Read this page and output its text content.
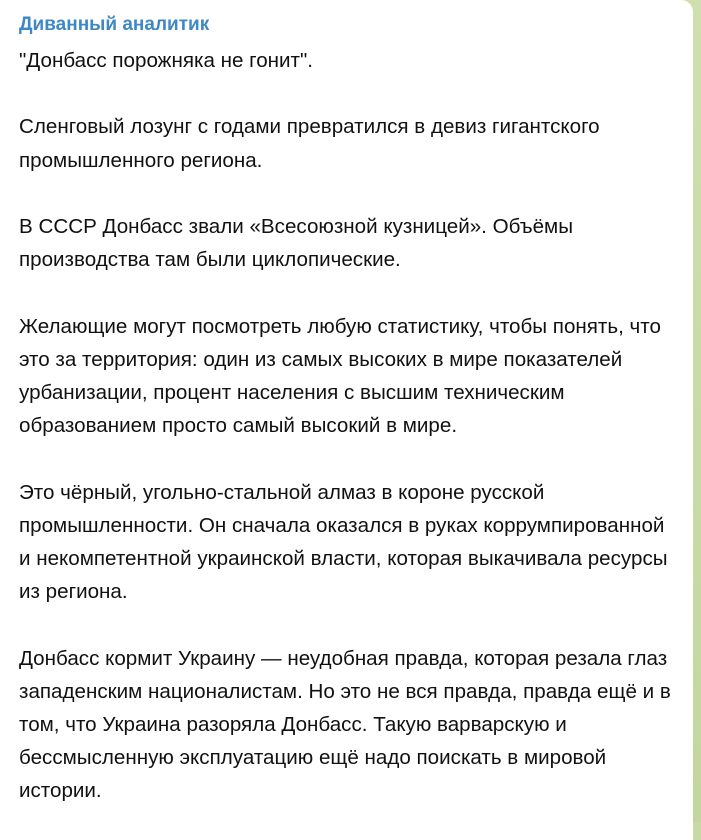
Диванный аналитик

"Донбасс порожняка не гонит".

Сленговый лозунг с годами превратился в девиз гигантского промышленного региона.

В СССР Донбасс звали «Всесоюзной кузницей». Объёмы производства там были циклопические.

Желающие могут посмотреть любую статистику, чтобы понять, что это за территория: один из самых высоких в мире показателей урбанизации, процент населения с высшим техническим образованием просто самый высокий в мире.

Это чёрный, угольно-стальной алмаз в короне русской промышленности. Он сначала оказался в руках коррумпированной и некомпетентной украинской власти, которая выкачивала ресурсы из региона.

Донбасс кормит Украину — неудобная правда, которая резала глаз западенским националистам. Но это не вся правда, правда ещё и в том, что Украина разоряла Донбасс. Такую варварскую и бессмысленную эксплуатацию ещё надо поискать в мировой истории.
